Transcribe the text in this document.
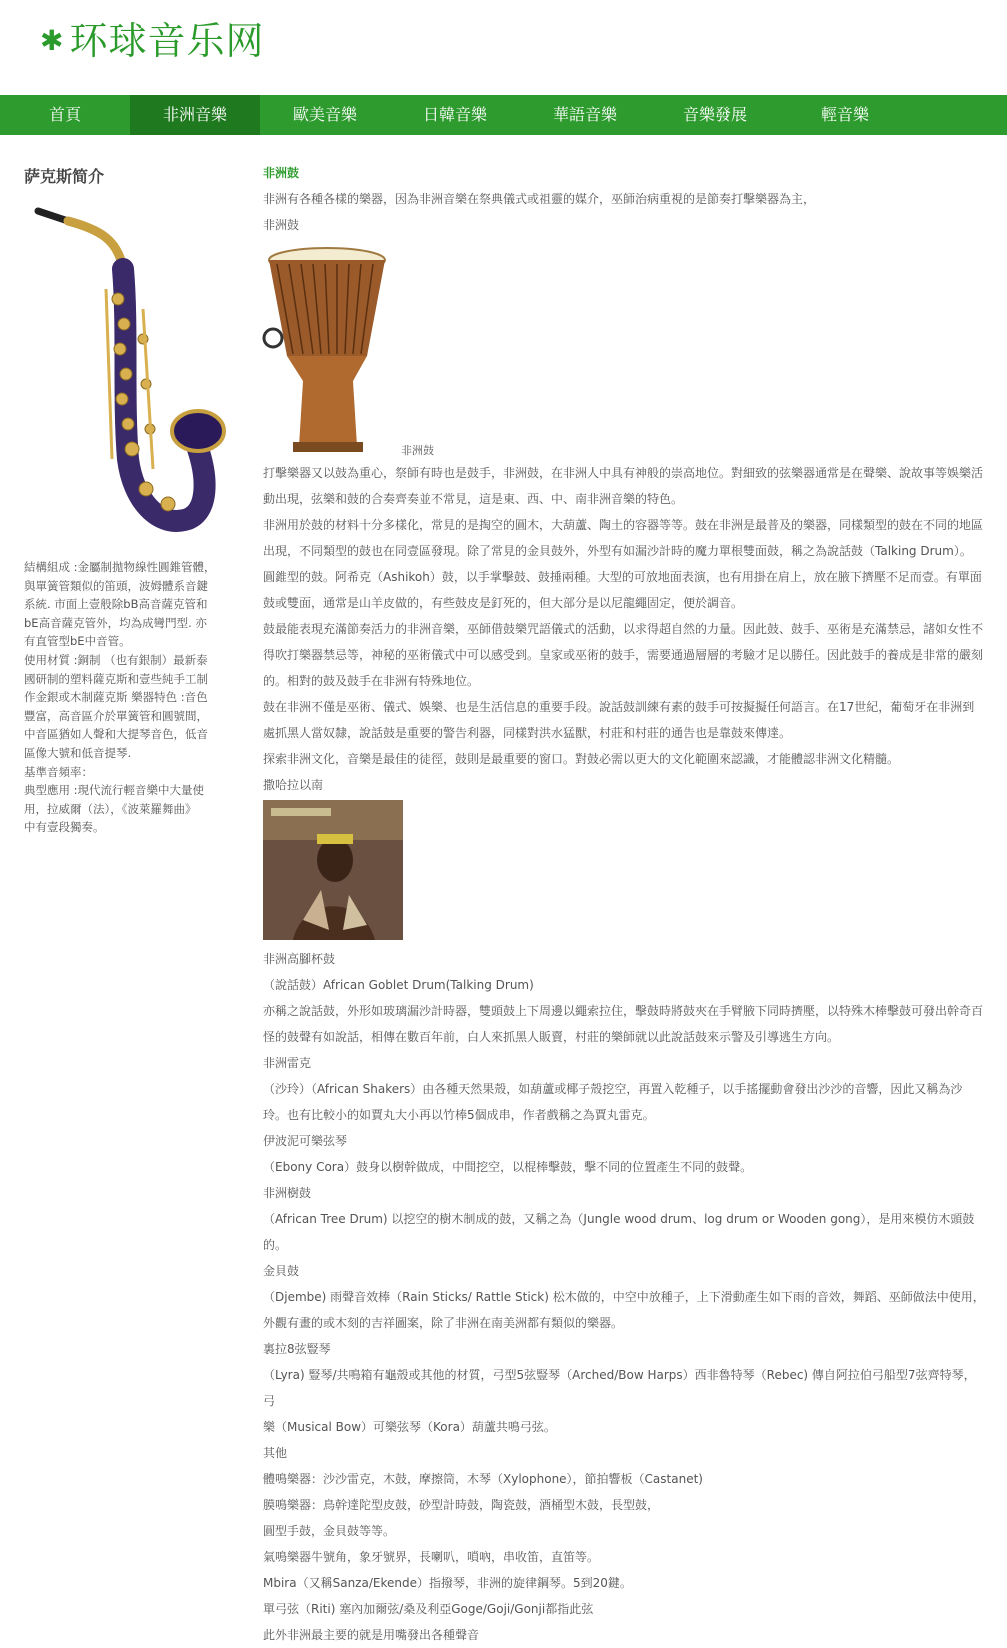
✱ 环球音乐网
首頁	非洲音樂	歐美音樂	日韓音樂	華語音樂	音樂發展	輕音樂
萨克斯简介

結構組成 :金屬制拋物線性圓錐管體，

與單簧管類似的笛頭，波姆體系音鍵

系統. 市面上壹般除bB高音薩克管和

bE高音薩克管外，均為成彎門型. 亦

有直管型bE中音管。

使用材質 :銅制 （也有銀制）最新泰

國研制的塑料薩克斯和壹些純手工制

作金銀或木制薩克斯 樂器特色 :音色

豐富，高音區介於單簧管和圓號間，

中音區猶如人聲和大提琴音色，低音

區像大號和低音提琴.

基準音頻率：

典型應用 :現代流行輕音樂中大量使

用，拉威爾（法），《波萊羅舞曲》

中有壹段獨奏。

非洲鼓
非洲有各種各樣的樂器，因為非洲音樂在祭典儀式或祖靈的媒介，巫師治病重視的是節奏打擊樂器為主，
非洲鼓
非洲鼓
打擊樂器又以鼓為重心，祭師有時也是鼓手，非洲鼓，在非洲人中具有神般的崇高地位。對細致的弦樂器通常是在聲樂、說故事等娛樂活
動出現，弦樂和鼓的合奏齊奏並不常見，這是東、西、中、南非洲音樂的特色。
非洲用於鼓的材料十分多樣化，常見的是掏空的圓木，大葫蘆、陶土的容器等等。鼓在非洲是最普及的樂器，同樣類型的鼓在不同的地區
出現，不同類型的鼓也在同壹區發現。除了常見的金貝鼓外，外型有如漏沙計時的魔力單根雙面鼓，稱之為說話鼓（Talking Drum）。
圓錐型的鼓。阿希克（Ashikoh）鼓，以手掌擊鼓、鼓捶兩種。大型的可放地面表演，也有用掛在肩上，放在腋下擠壓不足而壹。有單面
鼓或雙面，通常是山羊皮做的，有些鼓皮是釘死的，但大部分是以尼龍繩固定，便於調音。
鼓最能表現充滿節奏活力的非洲音樂，巫師借鼓樂咒語儀式的活動，以求得超自然的力量。因此鼓、鼓手、巫術是充滿禁忌，諸如女性不
得吹打樂器禁忌等，神秘的巫術儀式中可以感受到。皇家或巫術的鼓手，需要通過層層的考驗才足以勝任。因此鼓手的養成是非常的嚴刻
的。相對的鼓及鼓手在非洲有特殊地位。
鼓在非洲不僅是巫術、儀式、娛樂、也是生活信息的重要手段。說話鼓訓練有素的鼓手可按擬擬任何語言。在17世紀，葡萄牙在非洲到
處抓黑人當奴隸，說話鼓是重要的警告利器，同樣對洪水猛獸，村莊和村莊的通告也是靠鼓來傳達。
探索非洲文化，音樂是最佳的徒徑，鼓則是最重要的窗口。對鼓必需以更大的文化範圍來認識，才能體認非洲文化精髓。
撒哈拉以南
非洲高腳杯鼓
（說話鼓）African Goblet Drum(Talking Drum)
亦稱之說話鼓，外形如玻璃漏沙計時器，雙頭鼓上下周邊以繩索拉住，擊鼓時將鼓夾在手臂腋下同時擠壓，以特殊木棒擊鼓可發出幹奇百
怪的鼓聲有如說話，相傳在數百年前，白人來抓黑人販賣，村莊的樂師就以此說話鼓來示警及引導逃生方向。
非洲雷克
（沙玲）（African Shakers）由各種天然果殼，如葫蘆或椰子殼挖空，再置入乾種子，以手搖擺動會發出沙沙的音響，因此又稱為沙
玲。也有比較小的如賈丸大小再以竹棒5個成串，作者戲稱之為賈丸雷克。
伊波泥可樂弦琴
（Ebony Cora）鼓身以樹幹做成，中間挖空，以棍棒擊鼓，擊不同的位置產生不同的鼓聲。
非洲樹鼓
（African Tree Drum) 以挖空的樹木制成的鼓，又稱之為（Jungle wood drum、log drum or Wooden gong），是用來模仿木頭鼓
的。
金貝鼓
（Djembe) 雨聲音效棒（Rain Sticks/ Rattle Stick) 松木做的，中空中放種子，上下滑動產生如下雨的音效，舞蹈、巫師做法中使用，
外觀有畫的或木刻的吉祥圖案，除了非洲在南美洲都有類似的樂器。
裏拉8弦豎琴
（Lyra) 豎琴/共鳴箱有龜殼或其他的材質，弓型5弦豎琴（Arched/Bow Harps）西非魯特琴（Rebec) 傳自阿拉伯弓船型7弦齊特琴，弓
樂（Musical Bow）可樂弦琴（Kora）葫蘆共鳴弓弦。
其他
體鳴樂器：沙沙雷克，木鼓，摩擦筒，木琴（Xylophone），節拍響板（Castanet)
膜鳴樂器：鳥幹達陀型皮鼓，砂型計時鼓，陶瓷鼓，酒桶型木鼓，長型鼓，
圓型手鼓，金貝鼓等等。
氣鳴樂器牛號角，象牙號界，長喇叭，嗩吶，串收笛，直笛等。
Mbira（又稱Sanza/Ekende）指撥琴，非洲的旋律鋼琴。5到20鍵。
單弓弦（Riti) 塞內加爾弦/桑及利亞Goge/Goji/Gonji都指此弦
此外非洲最主要的就是用嘴發出各種聲音
